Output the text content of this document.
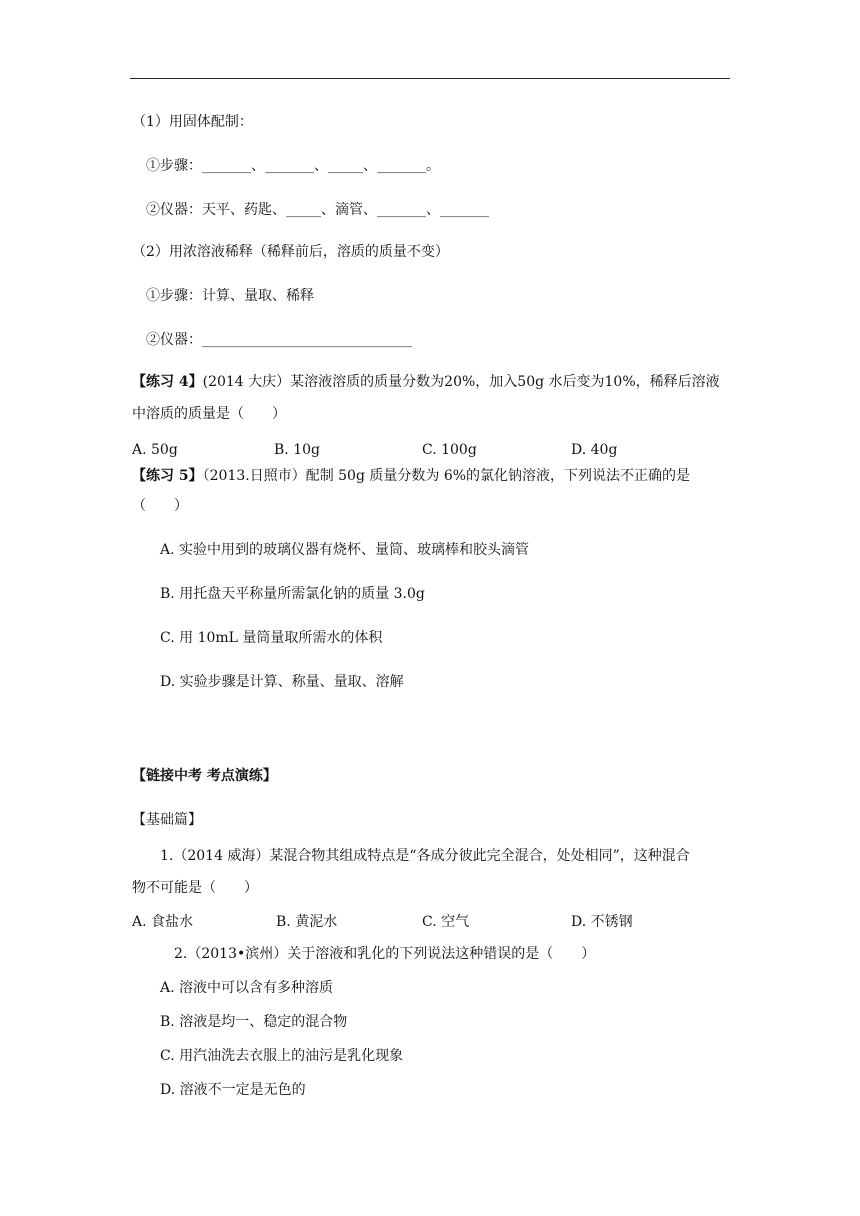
（1）用固体配制：
①步骤：_______、_______、_____、_______。
②仪器：天平、药匙、_____、滴管、_______、_______
（2）用浓溶液稀释（稀释前后，溶质的质量不变）
①步骤：计算、量取、稀释
②仪器：______________________________
【练习 4】(2014 大庆）某溶液溶质的质量分数为20%，加入50g 水后变为10%，稀释后溶液
中溶质的质量是（　　）
A. 50g	B. 10g	C. 100g	D. 40g
【练习 5】（2013.日照市）配制 50g 质量分数为 6%的氯化钠溶液，下列说法不正确的是
（　　）
A. 实验中用到的玻璃仪器有烧杯、量筒、玻璃棒和胶头滴管
B. 用托盘天平称量所需氯化钠的质量 3.0g
C. 用 10mL 量筒量取所需水的体积
D. 实验步骤是计算、称量、量取、溶解
【链接中考 考点演练】
【基础篇】
1.（2014 威海）某混合物其组成特点是“各成分彼此完全混合，处处相同”，这种混合
物不可能是（　　）
A. 食盐水	B. 黄泥水	C. 空气	D. 不锈钢
2.（2013•滨州）关于溶液和乳化的下列说法这种错误的是（　　）
A. 溶液中可以含有多种溶质
B. 溶液是均一、稳定的混合物
C. 用汽油洗去衣服上的油污是乳化现象
D. 溶液不一定是无色的
